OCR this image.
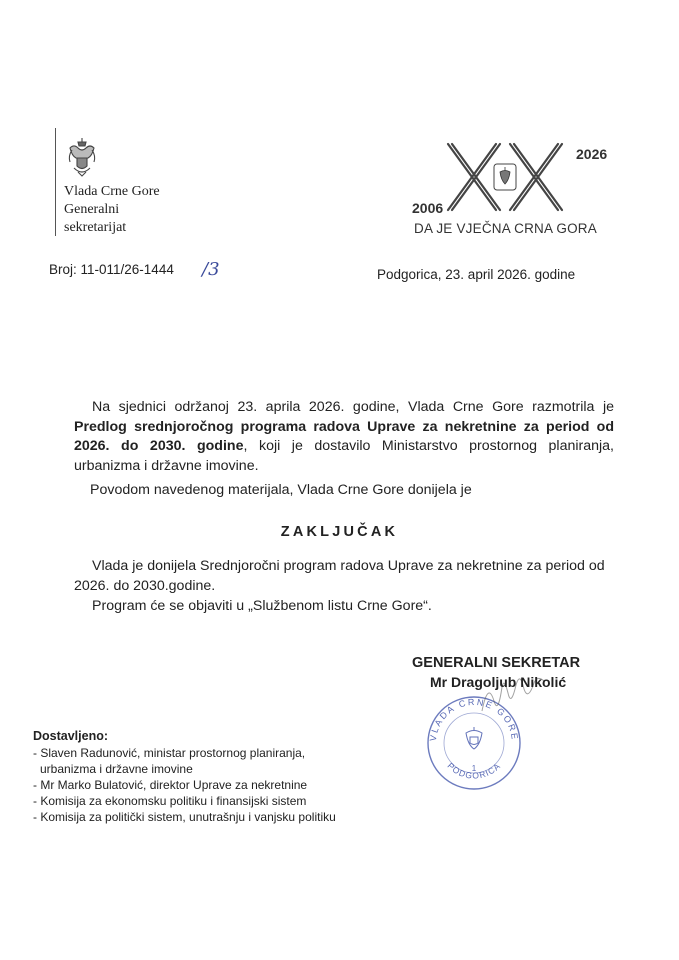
Vlada Crne Gore
Generalni
sekretarijat
2026
2006
DA JE VJEČNA CRNA GORA
Broj: 11-011/26-1444 /3	Podgorica, 23. april 2026. godine
Na sjednici održanoj 23. aprila 2026. godine, Vlada Crne Gore razmotrila je Predlog srednjoročnog programa radova Uprave za nekretnine za period od 2026. do 2030. godine, koji je dostavilo Ministarstvo prostornog planiranja, urbanizma i državne imovine.
Povodom navedenog materijala, Vlada Crne Gore donijela je
ZAKLJUČAK
Vlada je donijela Srednjoročni program radova Uprave za nekretnine za period od 2026. do 2030.godine.
Program će se objaviti u „Službenom listu Crne Gore“.
VLADA CRNE GORE
PODGORICA
1
GENERALNI SEKRETAR
Mr Dragoljub Nikolić
Dostavljeno:
- Slaven Radunović, ministar prostornog planiranja,
urbanizma i državne imovine
- Mr Marko Bulatović, direktor Uprave za nekretnine
- Komisija za ekonomsku politiku i finansijski sistem
- Komisija za politički sistem, unutrašnju i vanjsku politiku
